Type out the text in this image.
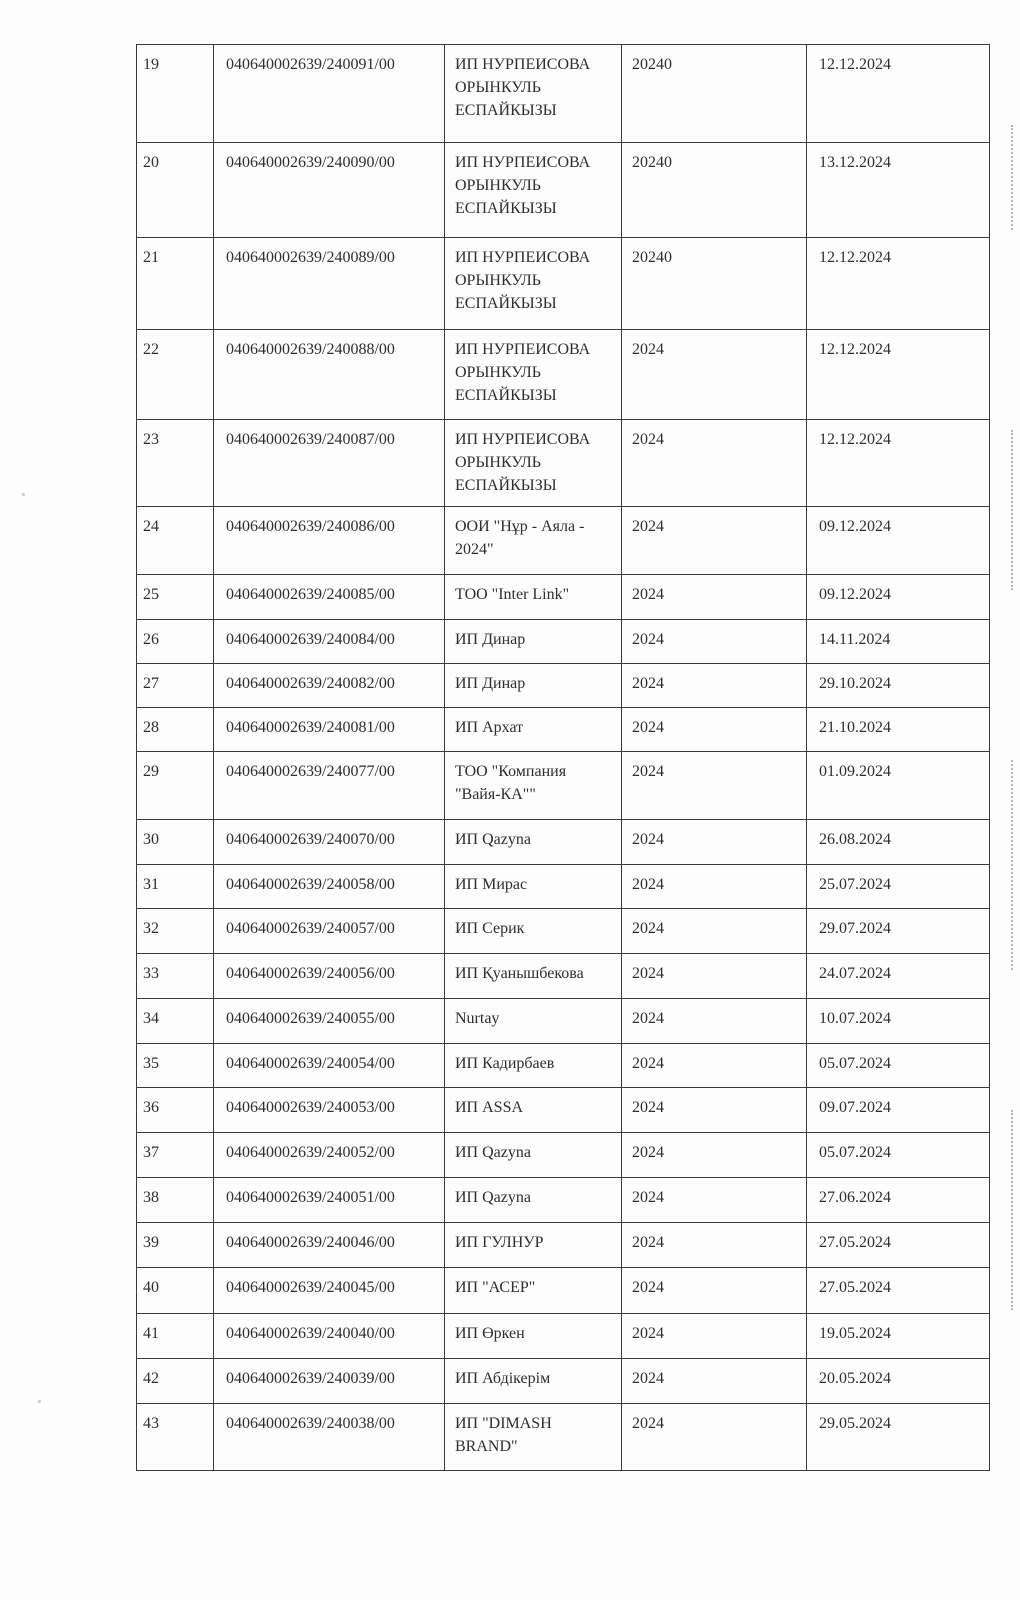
19	040640002639/240091/00	ИП НУРПЕИСОВА ОРЫНКУЛЬ ЕСПАЙКЫЗЫ	20240	12.12.2024
20	040640002639/240090/00	ИП НУРПЕИСОВА ОРЫНКУЛЬ ЕСПАЙКЫЗЫ	20240	13.12.2024
21	040640002639/240089/00	ИП НУРПЕИСОВА ОРЫНКУЛЬ ЕСПАЙКЫЗЫ	20240	12.12.2024
22	040640002639/240088/00	ИП НУРПЕИСОВА ОРЫНКУЛЬ ЕСПАЙКЫЗЫ	2024	12.12.2024
23	040640002639/240087/00	ИП НУРПЕИСОВА ОРЫНКУЛЬ ЕСПАЙКЫЗЫ	2024	12.12.2024
24	040640002639/240086/00	ООИ "Нұр - Аяла - 2024"	2024	09.12.2024
25	040640002639/240085/00	ТОО "Inter Link"	2024	09.12.2024
26	040640002639/240084/00	ИП Динар	2024	14.11.2024
27	040640002639/240082/00	ИП Динар	2024	29.10.2024
28	040640002639/240081/00	ИП Архат	2024	21.10.2024
29	040640002639/240077/00	ТОО "Компания "Вайя-КА""	2024	01.09.2024
30	040640002639/240070/00	ИП Qazyna	2024	26.08.2024
31	040640002639/240058/00	ИП Мирас	2024	25.07.2024
32	040640002639/240057/00	ИП Серик	2024	29.07.2024
33	040640002639/240056/00	ИП Қуанышбекова	2024	24.07.2024
34	040640002639/240055/00	Nurtay	2024	10.07.2024
35	040640002639/240054/00	ИП Кадирбаев	2024	05.07.2024
36	040640002639/240053/00	ИП ASSA	2024	09.07.2024
37	040640002639/240052/00	ИП Qazyna	2024	05.07.2024
38	040640002639/240051/00	ИП Qazyna	2024	27.06.2024
39	040640002639/240046/00	ИП ГУЛНУР	2024	27.05.2024
40	040640002639/240045/00	ИП "АСЕР"	2024	27.05.2024
41	040640002639/240040/00	ИП Өркен	2024	19.05.2024
42	040640002639/240039/00	ИП Абдікерім	2024	20.05.2024
43	040640002639/240038/00	ИП "DIMASH BRAND"	2024	29.05.2024
